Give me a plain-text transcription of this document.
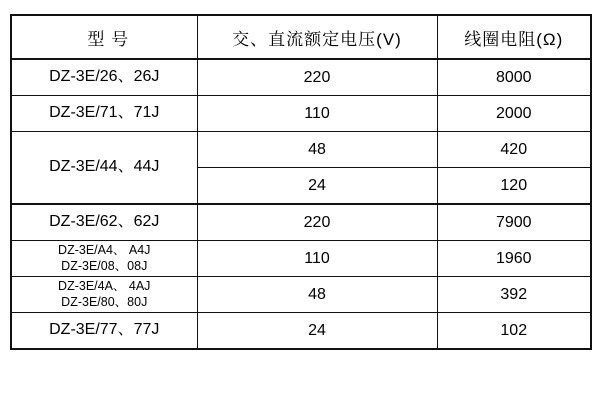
型 号	交、直流额定电压(V)	线圈电阻(Ω)

DZ-3E/26、26J	220	8000

DZ-3E/71、71J	110	2000

DZ-3E/44、44J	48	420
	24	120

DZ-3E/62、62J	220	7900

DZ-3E/A4、 A4J
DZ-3E/08、08J	110	1960

DZ-3E/4A、 4AJ
DZ-3E/80、80J	48	392

DZ-3E/77、77J	24	102
